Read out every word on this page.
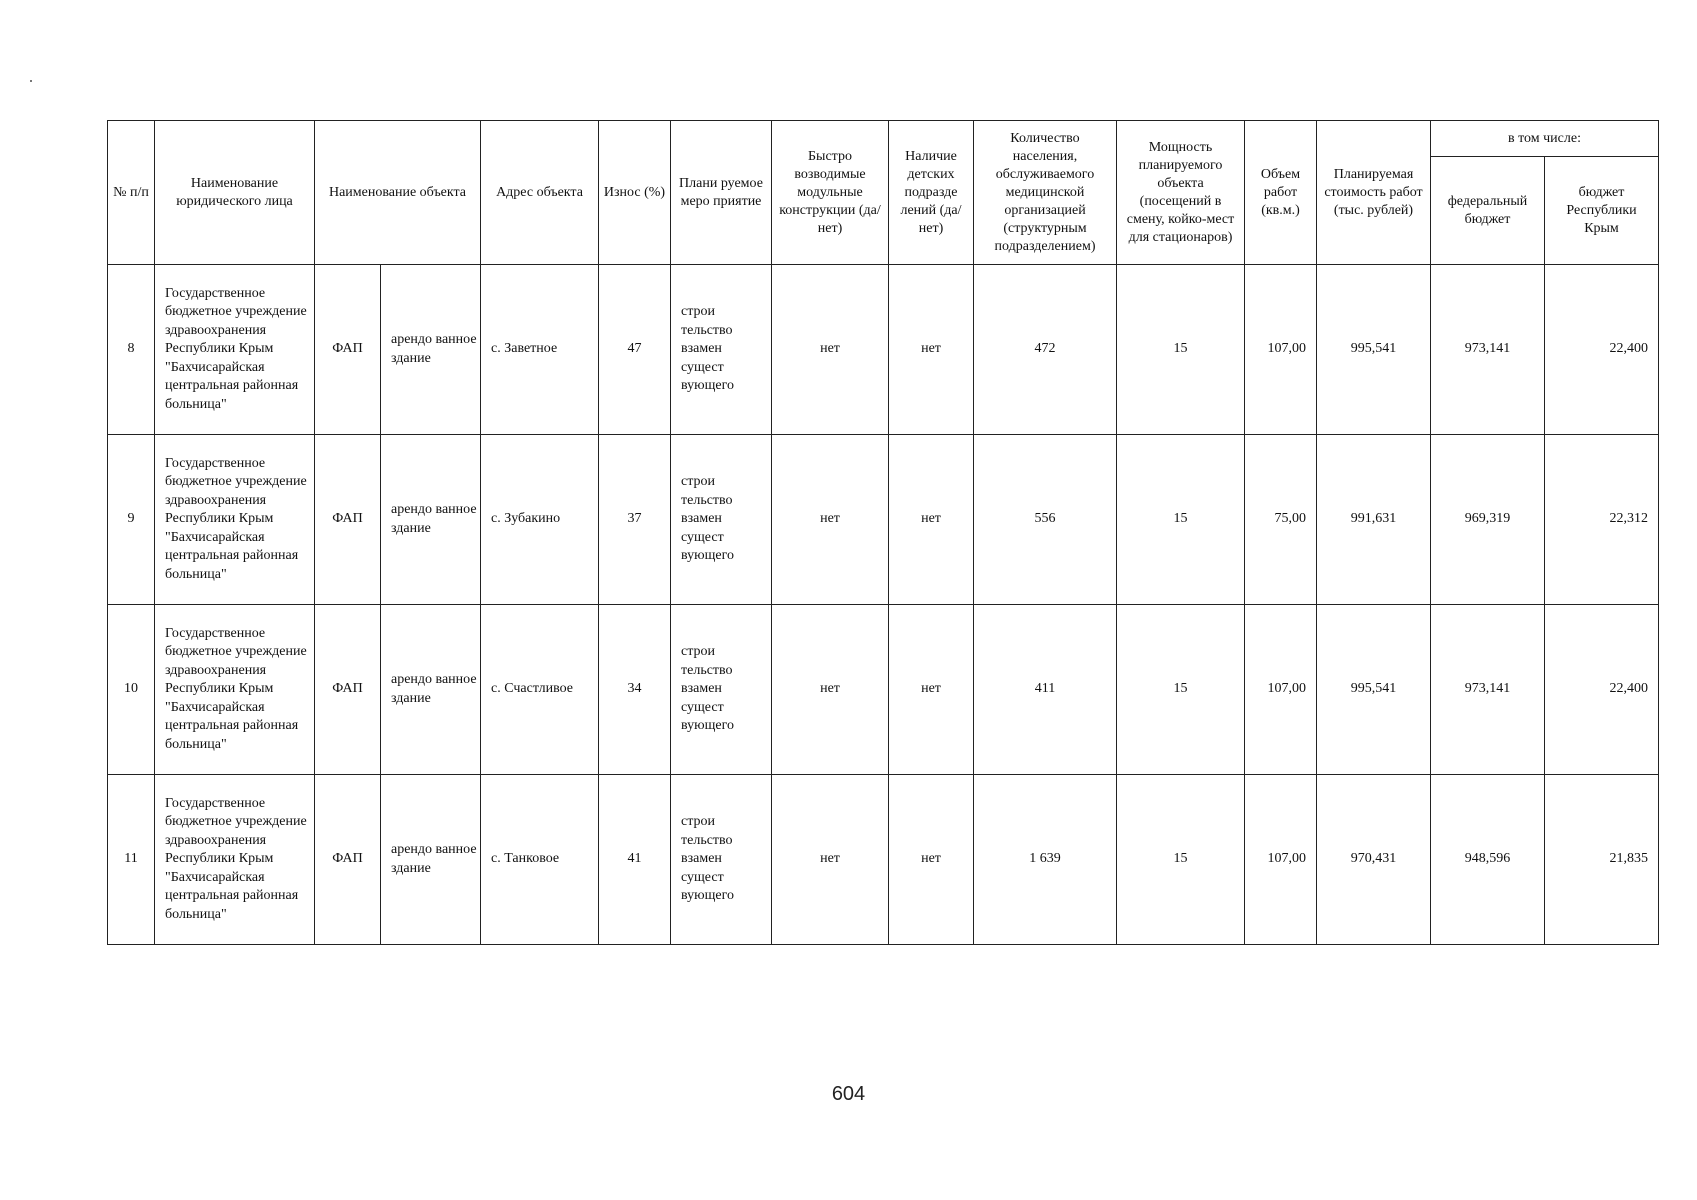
№ п/п	Наименование юридического лица	Наименование объекта		Адрес объекта	Износ (%)	Плани руемое меро приятие	Быстро возводимые модульные конструкции (да/нет)	Наличие детских подразде лений (да/нет)	Количество населения, обслуживаемого медицинской организацией (структурным подразделением)	Мощность планируемого объекта (посещений в смену, койко-мест для стационаров)	Объем работ (кв.м.)	Планируемая стоимость работ (тыс. рублей)	в том числе:	
													федеральный бюджет	бюджет Республики Крым
8	Государственное бюджетное учреждение здравоохранения Республики Крым "Бахчисарайская центральная районная больница"	ФАП	арендо ванное здание	с. Заветное	47	строи тельство взамен сущест вующего	нет	нет	472	15	107,00	995,541	973,141	22,400
9	Государственное бюджетное учреждение здравоохранения Республики Крым "Бахчисарайская центральная районная больница"	ФАП	арендо ванное здание	с. Зубакино	37	строи тельство взамен сущест вующего	нет	нет	556	15	75,00	991,631	969,319	22,312
10	Государственное бюджетное учреждение здравоохранения Республики Крым "Бахчисарайская центральная районная больница"	ФАП	арендо ванное здание	с. Счастливое	34	строи тельство взамен сущест вующего	нет	нет	411	15	107,00	995,541	973,141	22,400
11	Государственное бюджетное учреждение здравоохранения Республики Крым "Бахчисарайская центральная районная больница"	ФАП	арендо ванное здание	с. Танковое	41	строи тельство взамен сущест вующего	нет	нет	1 639	15	107,00	970,431	948,596	21,835
604
